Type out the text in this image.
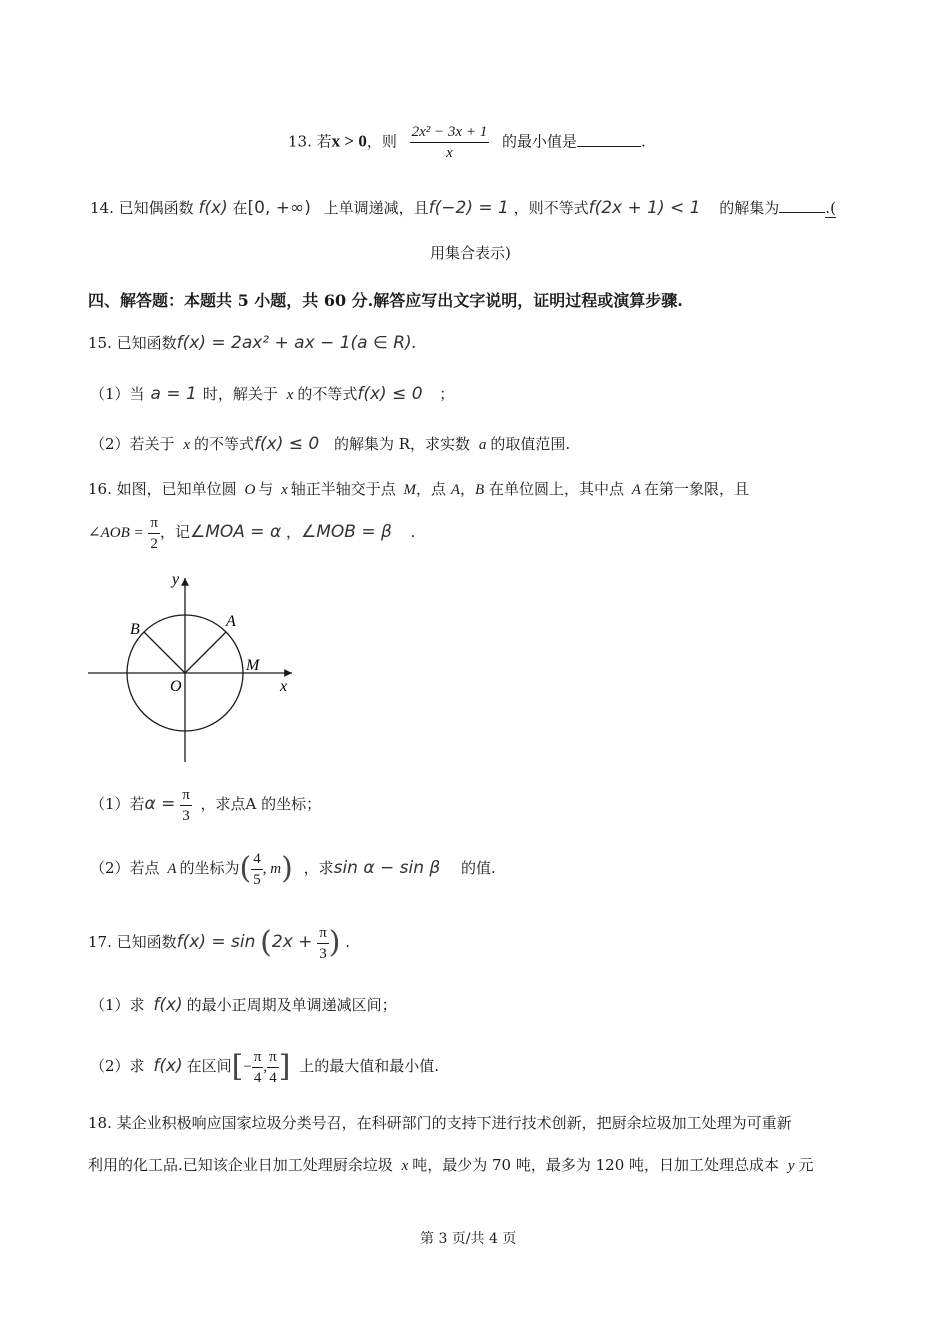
13. 若x > 0，则 $\frac{\text{2x² − 3x + 1}}{x}$ 的最小值是	.
14. 已知偶函数 f(x) 在[0, +∞) 上单调递减，且f(−2) = 1 ，则不等式f(2x + 1) < 1 的解集为	.(
用集合表示)
四、解答题：本题共 5 小题，共 60 分.解答应写出文字说明，证明过程或演算步骤.
15. 已知函数f(x) = 2ax² + ax − 1(a ∈ R).
（1）当 a = 1 时，解关于 x 的不等式f(x) ≤ 0 ；
（2）若关于 x 的不等式f(x) ≤ 0 的解集为 R，求实数 a 的取值范围.
16. 如图，已知单位圆 O 与 x 轴正半轴交于点 M，点 A，B 在单位圆上，其中点 A 在第一象限，且
∠AOB = $\frac{\pi}{2}$ ，记∠MOA = α ，∠MOB = β .
y
x
O
A
B
M
（1）若$\alpha = \frac{\pi}{3}$ ，求点A 的坐标；
（2）若点 A 的坐标为( $\frac{4}{5}$ , m) ，求sin α − sin β 的值.
17. 已知函数$f(x) = \sin (2x + \frac{\pi}{3}$ ) .
（1）求 f(x) 的最小正周期及单调递减区间；
（2）求 f(x) 在区间[− $\frac{\pi}{4}$ , $\frac{\pi}{4}$ ] 上的最大值和最小值.
18. 某企业积极响应国家垃圾分类号召，在科研部门的支持下进行技术创新，把厨余垃圾加工处理为可重新
利用的化工品.已知该企业日加工处理厨余垃圾 x 吨，最少为 70 吨，最多为 120 吨，日加工处理总成本 y 元
第 3 页/共 4 页
